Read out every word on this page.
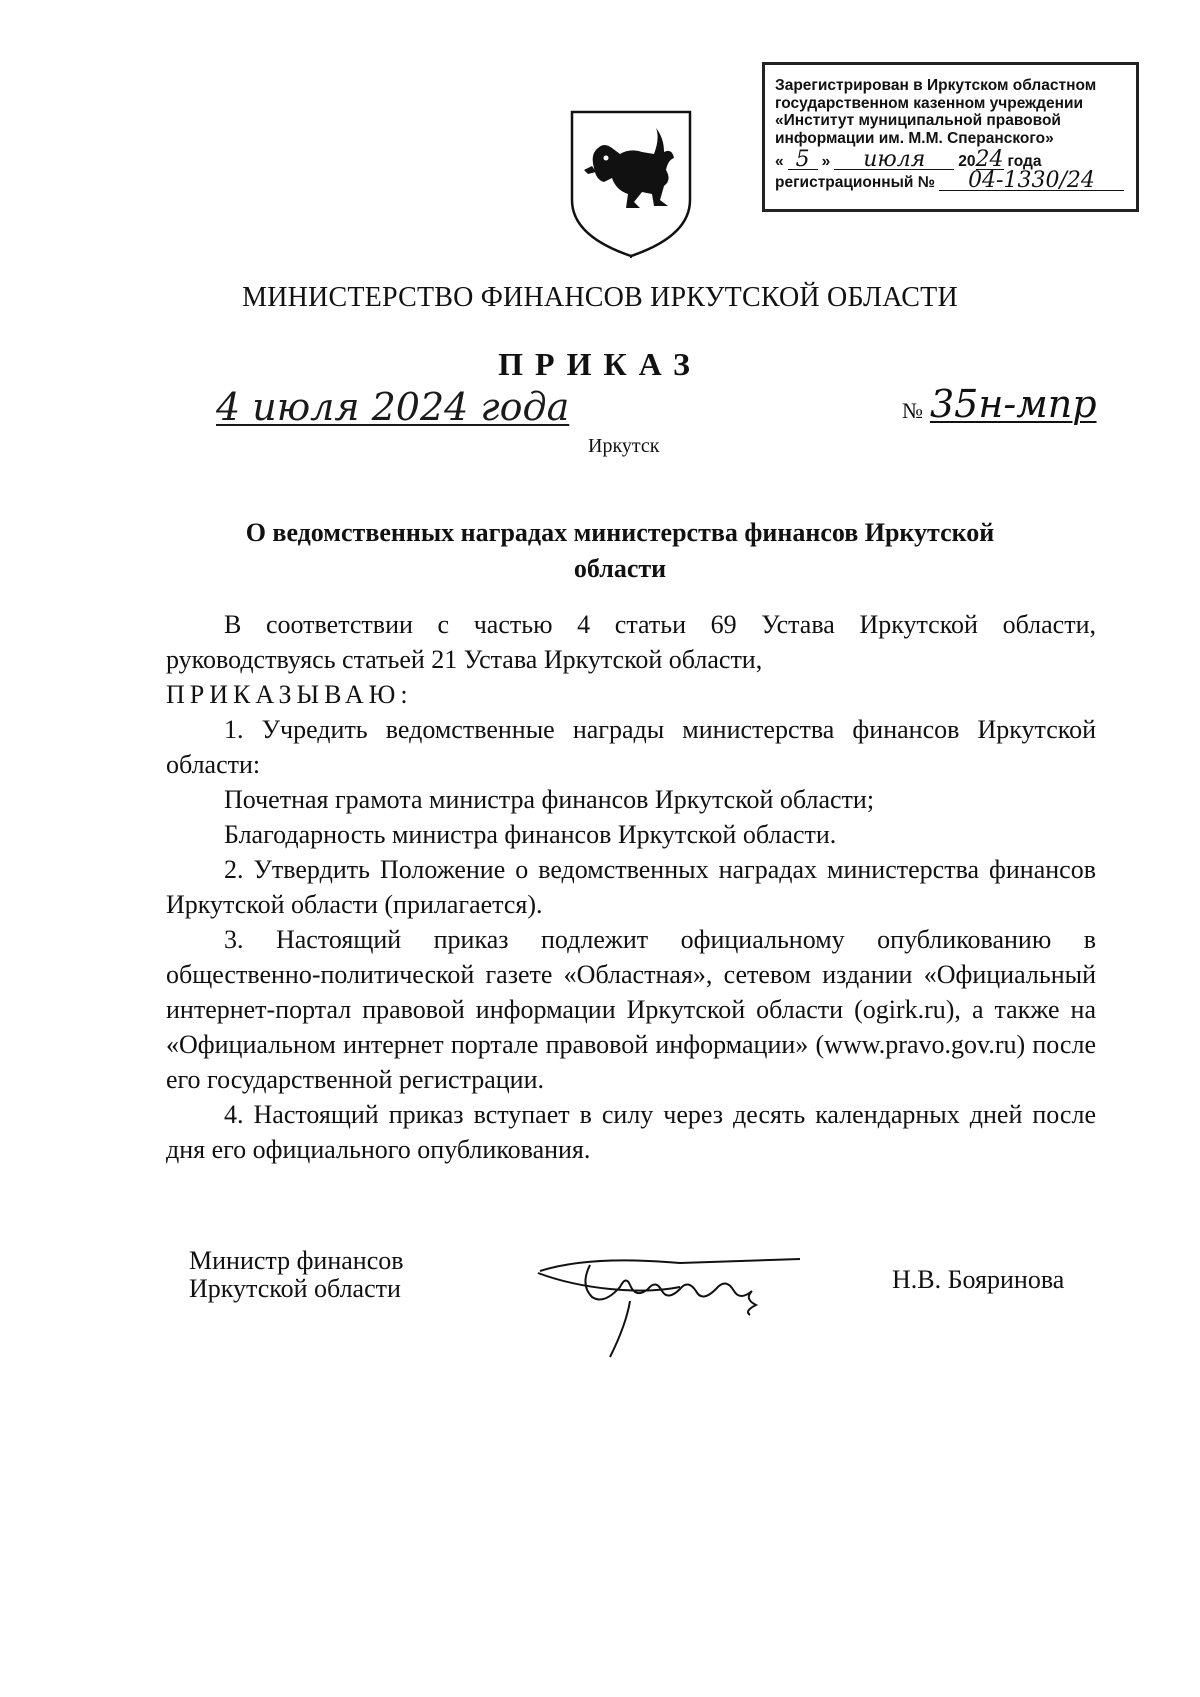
Зарегистрирован в Иркутском областном
государственном казенном учреждении
«Институт муниципальной правовой
информации им. М.М. Сперанского»
« 5 »	июля	20 24 года
регистрационный №	04-1330/24
МИНИСТЕРСТВО ФИНАНСОВ ИРКУТСКОЙ ОБЛАСТИ
ПРИКАЗ
4 июля 2024 года	№ 35н-мпр
Иркутск
О ведомственных наградах министерства финансов Иркутской
области

В соответствии с частью 4 статьи 69 Устава Иркутской области, руководствуясь статьей 21 Устава Иркутской области,

ПРИКАЗЫВАЮ:

1. Учредить ведомственные награды министерства финансов Иркутской области:

Почетная грамота министра финансов Иркутской области;

Благодарность министра финансов Иркутской области.

2. Утвердить Положение о ведомственных наградах министерства финансов Иркутской области (прилагается).

3. Настоящий приказ подлежит официальному опубликованию в общественно-политической газете «Областная», сетевом издании «Официальный интернет-портал правовой информации Иркутской области (ogirk.ru), а также на «Официальном интернет портале правовой информации» (www.pravo.gov.ru) после его государственной регистрации.

4. Настоящий приказ вступает в силу через десять календарных дней после дня его официального опубликования.

Министр финансов
Иркутской области	Н.В. Бояринова
